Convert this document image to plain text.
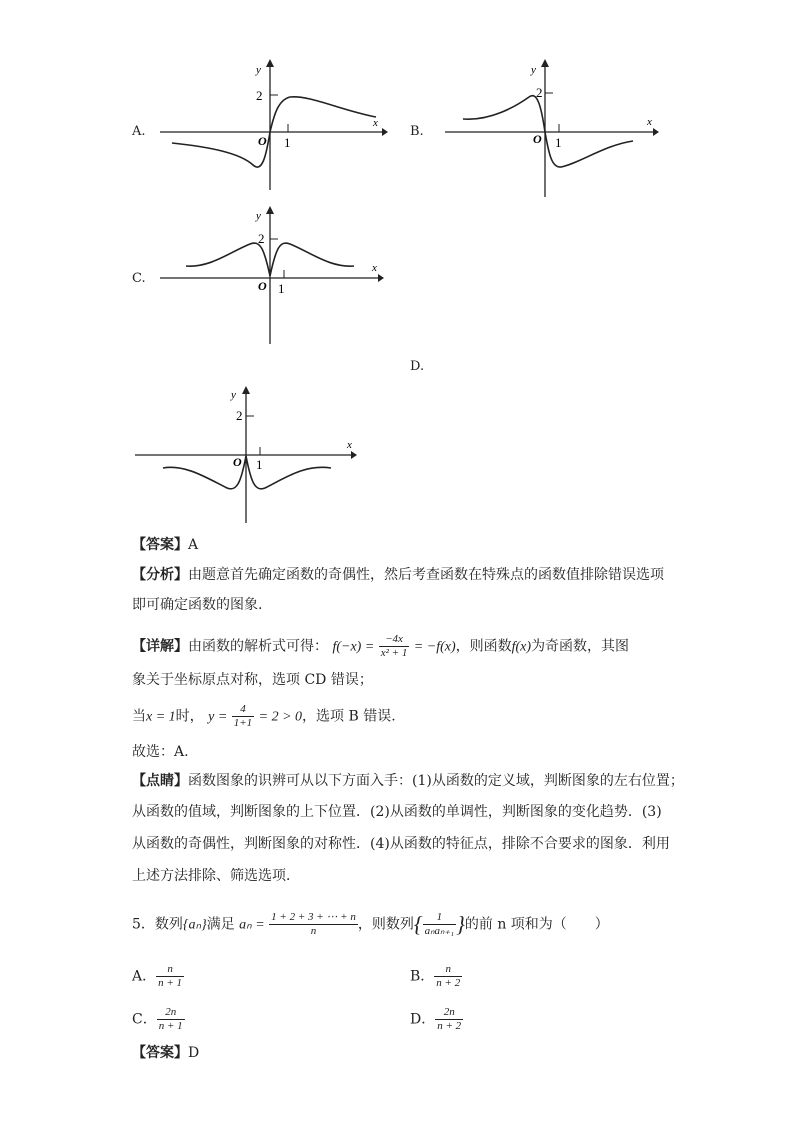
A.
y
x
O
2
1
B.
y
x
O
2
1
C.
y
x
O
2
1
D.
y
x
O
2
1
【答案】A
【分析】由题意首先确定函数的奇偶性，然后考查函数在特殊点的函数值排除错误选项
即可确定函数的图象.
【详解】由函数的解析式可得： $f(-x) = \frac{-4x}{\text{x² + 1}} = -f(x)$，则函数f(x)为奇函数，其图
象关于坐标原点对称，选项 CD 错误；
当x = 1时， $y = \frac{4}{1+1} = 2 > 0$，选项 B 错误.
故选：A.
【点睛】函数图象的识辨可从以下方面入手：(1)从函数的定义域，判断图象的左右位置；
从函数的值域，判断图象的上下位置．(2)从函数的单调性，判断图象的变化趋势．(3)
从函数的奇偶性，判断图象的对称性．(4)从函数的特征点，排除不合要求的图象．利用
上述方法排除、筛选选项．
5．数列{aₙ}满足 $a_n = \frac{1 + 2 + 3 + \cdots + n}{n}$ ，则数列{ $\frac{1}{\text{aₙaₙ₊₁}}$ }的前 n 项和为（　　）
A． $\frac{n}{n + 1}$	B． $\frac{n}{n + 2}$
C． $\frac{2n}{n + 1}$	D． $\frac{2n}{n + 2}$
【答案】D
